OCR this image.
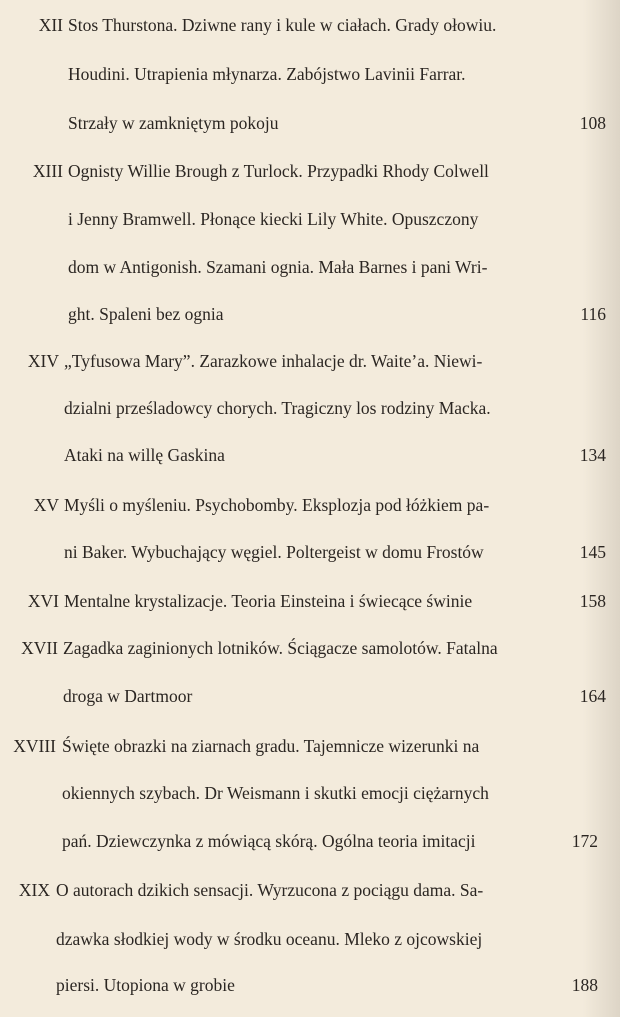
XII Stos Thurstona. Dziwne rany i kule w ciałach. Grady ołowiu.
Houdini. Utrapienia młynarza. Zabójstwo Lavinii Farrar.
Strzały w zamkniętym pokoju	108
XIII Ognisty Willie Brough z Turlock. Przypadki Rhody Colwell
i Jenny Bramwell. Płonące kiecki Lily White. Opuszczony
dom w Antigonish. Szamani ognia. Mała Barnes i pani Wri-
ght. Spaleni bez ognia	116
XIV „Tyfusowa Mary”. Zarazkowe inhalacje dr. Waite’a. Niewi-
dzialni prześladowcy chorych. Tragiczny los rodziny Macka.
Ataki na willę Gaskina	134
XV Myśli o myśleniu. Psychobomby. Eksplozja pod łóżkiem pa-
ni Baker. Wybuchający węgiel. Poltergeist w domu Frostów	145
XVI Mentalne krystalizacje. Teoria Einsteina i świecące świnie	158
XVII Zagadka zaginionych lotników. Ściągacze samolotów. Fatalna
droga w Dartmoor	164
XVIII Święte obrazki na ziarnach gradu. Tajemnicze wizerunki na
okiennych szybach. Dr Weismann i skutki emocji ciężarnych
pań. Dziewczynka z mówiącą skórą. Ogólna teoria imitacji	172
XIX O autorach dzikich sensacji. Wyrzucona z pociągu dama. Sa-
dzawka słodkiej wody w środku oceanu. Mleko z ojcowskiej
piersi. Utopiona w grobie	188
